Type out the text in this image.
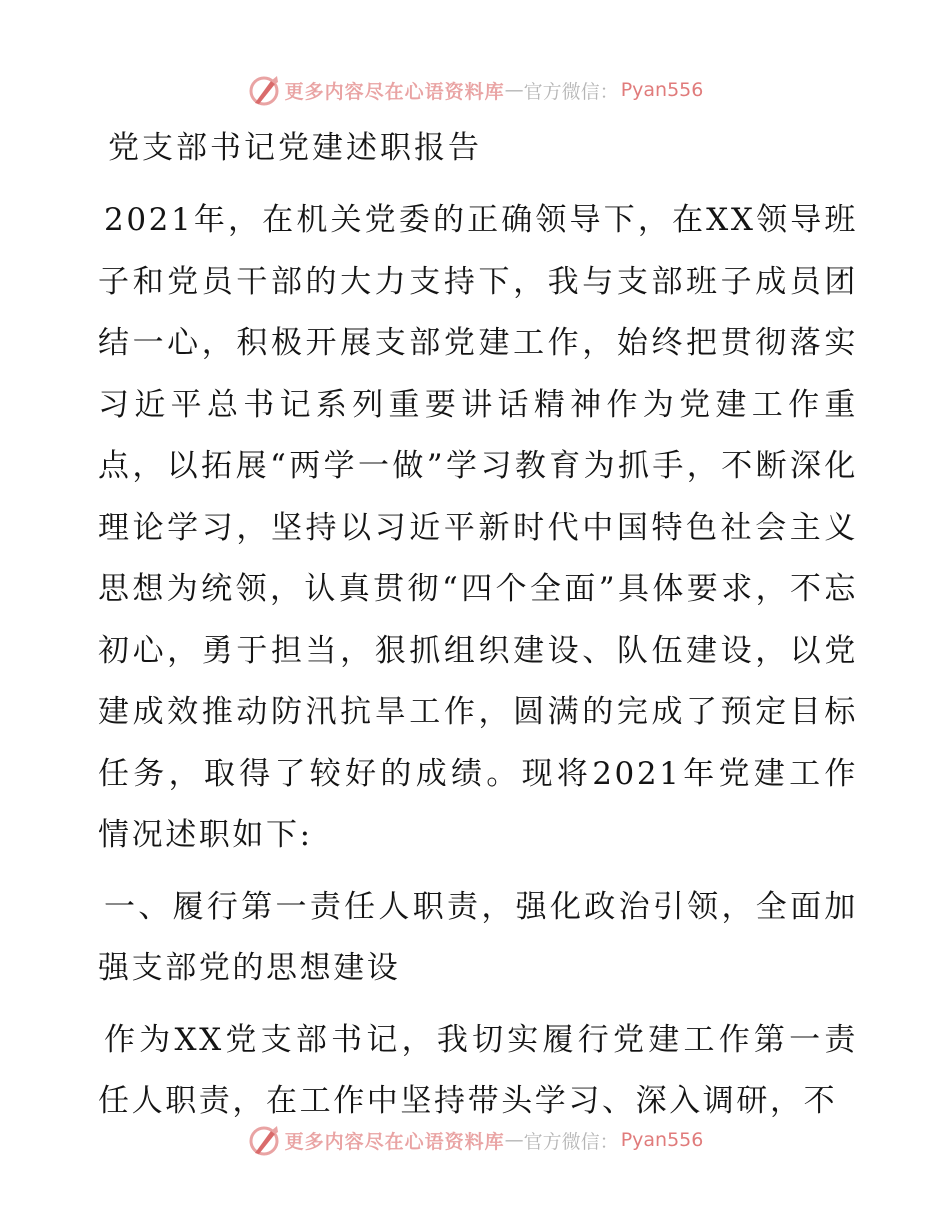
更多内容尽在心语资料库 — 官方微信： Pyan556
党支部书记党建述职报告

2021年，在机关党委的正确领导下，在XX领导班子和党员干部的大力支持下，我与支部班子成员团结一心，积极开展支部党建工作，始终把贯彻落实习近平总书记系列重要讲话精神作为党建工作重点，以拓展“两学一做”学习教育为抓手，不断深化理论学习，坚持以习近平新时代中国特色社会主义思想为统领，认真贯彻“四个全面”具体要求，不忘初心，勇于担当，狠抓组织建设、队伍建设，以党建成效推动防汛抗旱工作，圆满的完成了预定目标任务，取得了较好的成绩。现将2021年党建工作情况述职如下:

一、履行第一责任人职责，强化政治引领，全面加强支部党的思想建设

作为XX党支部书记，我切实履行党建工作第一责任人职责，在工作中坚持带头学习、深入调研，不

更多内容尽在心语资料库 — 官方微信： Pyan556
